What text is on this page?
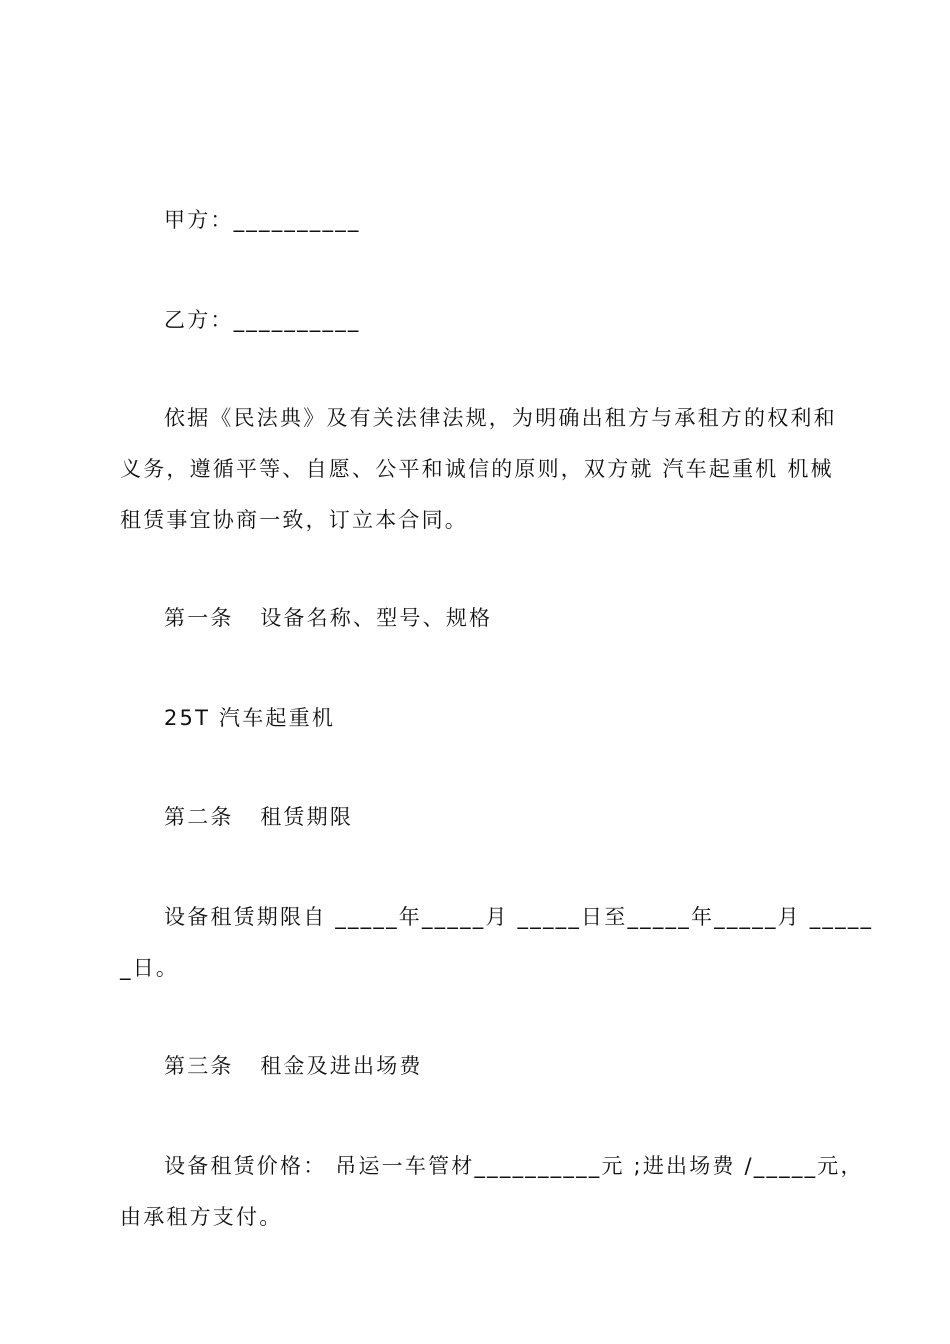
甲方：__________

乙方：__________

依据《民法典》及有关法律法规，为明确出租方与承租方的权利和

义务，遵循平等、自愿、公平和诚信的原则，双方就 汽车起重机 机械

租赁事宜协商一致，订立本合同。

第一条   设备名称、型号、规格

25T 汽车起重机

第二条   租赁期限

设备租赁期限自 _____年_____月 _____日至_____年_____月 _____

_日。

第三条   租金及进出场费

设备租赁价格： 吊运一车管材__________元 ;进出场费 /_____元，

由承租方支付。
